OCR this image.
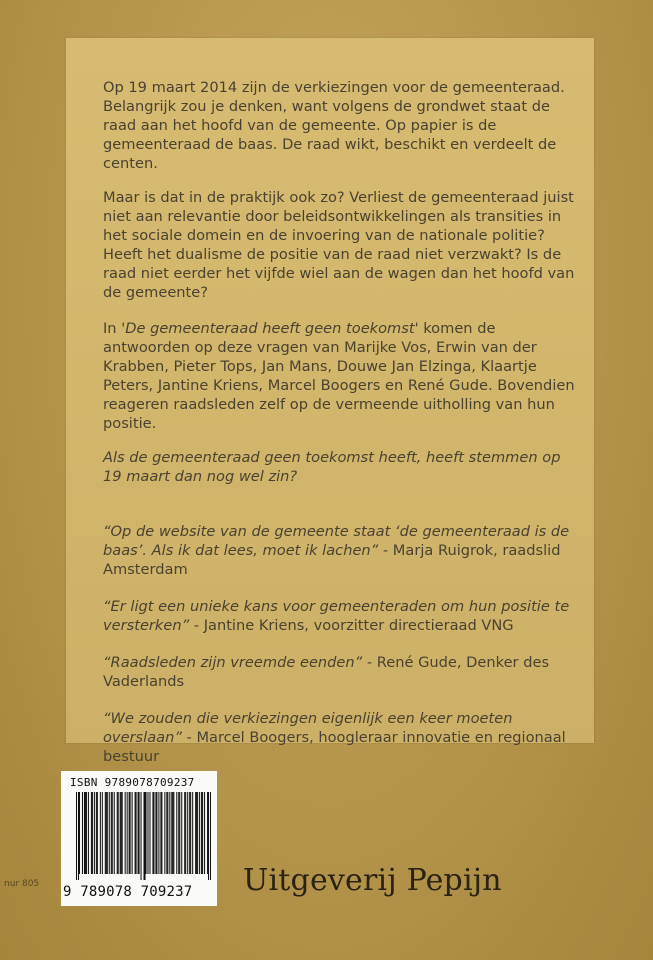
Op 19 maart 2014 zijn de verkiezingen voor de gemeenteraad. Belangrijk zou je denken, want volgens de grondwet staat de raad aan het hoofd van de gemeente. Op papier is de gemeenteraad de baas. De raad wikt, beschikt en verdeelt de centen.

Maar is dat in de praktijk ook zo? Verliest de gemeenteraad juist niet aan relevantie door beleidsontwikkelingen als transities in het sociale domein en de invoering van de nationale politie? Heeft het dualisme de positie van de raad niet verzwakt? Is de raad niet eerder het vijfde wiel aan de wagen dan het hoofd van de gemeente?

In 'De gemeenteraad heeft geen toekomst' komen de antwoorden op deze vragen van Marijke Vos, Erwin van der Krabben, Pieter Tops, Jan Mans, Douwe Jan Elzinga, Klaartje Peters, Jantine Kriens, Marcel Boogers en René Gude. Bovendien reageren raadsleden zelf op de vermeende uitholling van hun positie.

Als de gemeenteraad geen toekomst heeft, heeft stemmen op 19 maart dan nog wel zin?

“Op de website van de gemeente staat ‘de gemeenteraad is de baas’. Als ik dat lees, moet ik lachen” - Marja Ruigrok, raadslid Amsterdam

“Er ligt een unieke kans voor gemeenteraden om hun positie te versterken” - Jantine Kriens, voorzitter directieraad VNG

“Raadsleden zijn vreemde eenden” - René Gude, Denker des Vaderlands

“We zouden die verkiezingen eigenlijk een keer moeten overslaan” - Marcel Boogers, hoogleraar innovatie en regionaal bestuur

ISBN 9789078709237
9 789078 709237
nur 805	Uitgeverij Pepijn
